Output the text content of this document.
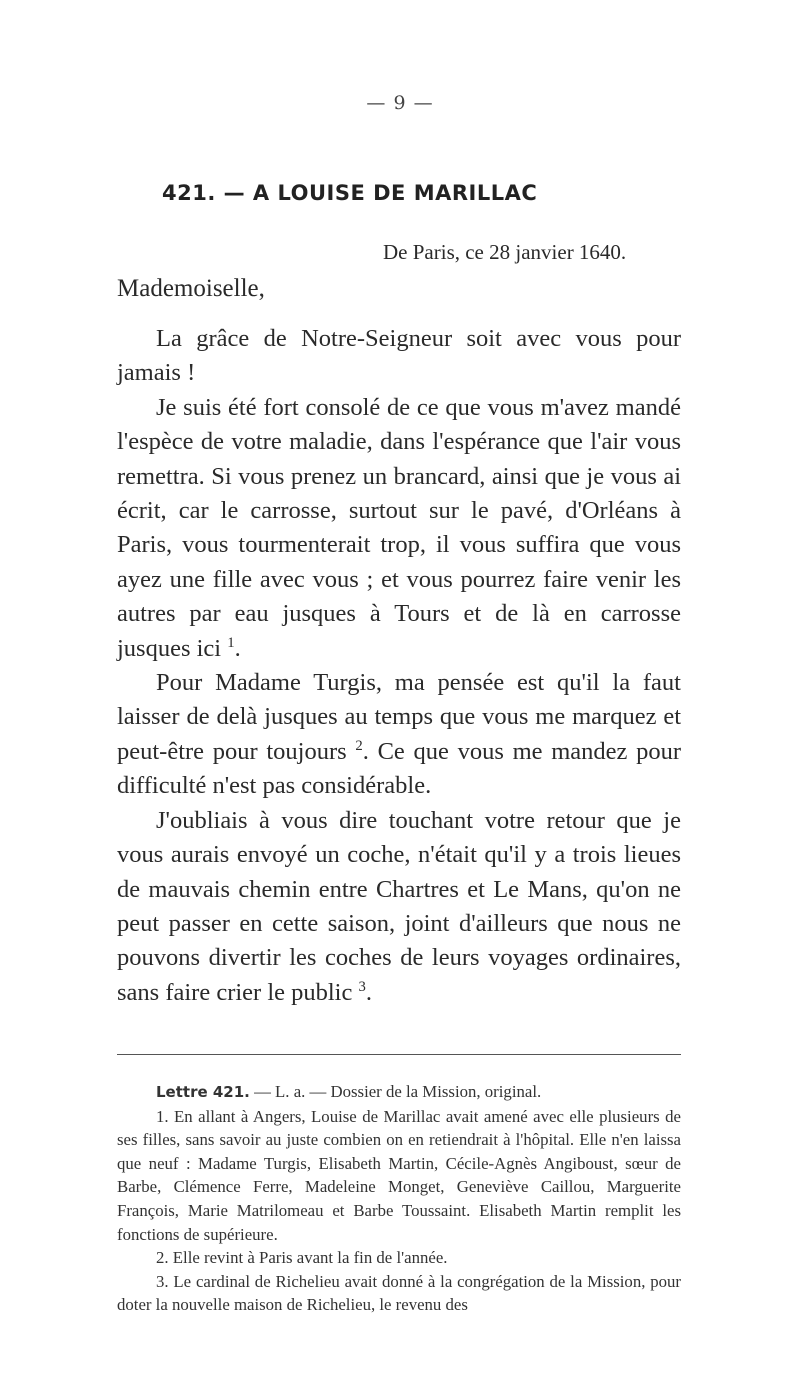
— 9 —
421. — A LOUISE DE MARILLAC
De Paris, ce 28 janvier 1640.
Mademoiselle,

La grâce de Notre-Seigneur soit avec vous pour jamais !

Je suis été fort consolé de ce que vous m'avez mandé l'espèce de votre maladie, dans l'espérance que l'air vous remettra. Si vous prenez un brancard, ainsi que je vous ai écrit, car le carrosse, surtout sur le pavé, d'Orléans à Paris, vous tourmenterait trop, il vous suffira que vous ayez une fille avec vous ; et vous pourrez faire venir les autres par eau jusques à Tours et de là en carrosse jusques ici $^1$.

Pour Madame Turgis, ma pensée est qu'il la faut laisser de delà jusques au temps que vous me marquez et peut-être pour toujours $^2$. Ce que vous me mandez pour difficulté n'est pas considérable.

J'oubliais à vous dire touchant votre retour que je vous aurais envoyé un coche, n'était qu'il y a trois lieues de mauvais chemin entre Chartres et Le Mans, qu'on ne peut passer en cette saison, joint d'ailleurs que nous ne pouvons divertir les coches de leurs voyages ordinaires, sans faire crier le public $^3$.

Lettre 421. — L. a. — Dossier de la Mission, original.

1. En allant à Angers, Louise de Marillac avait amené avec elle plusieurs de ses filles, sans savoir au juste combien on en retiendrait à l'hôpital. Elle n'en laissa que neuf : Madame Turgis, Elisabeth Martin, Cécile-Agnès Angiboust, sœur de Barbe, Clémence Ferre, Madeleine Monget, Geneviève Caillou, Marguerite François, Marie Matrilomeau et Barbe Toussaint. Elisabeth Martin remplit les fonctions de supérieure.

2. Elle revint à Paris avant la fin de l'année.

3. Le cardinal de Richelieu avait donné à la congrégation de la Mission, pour doter la nouvelle maison de Richelieu, le revenu des
